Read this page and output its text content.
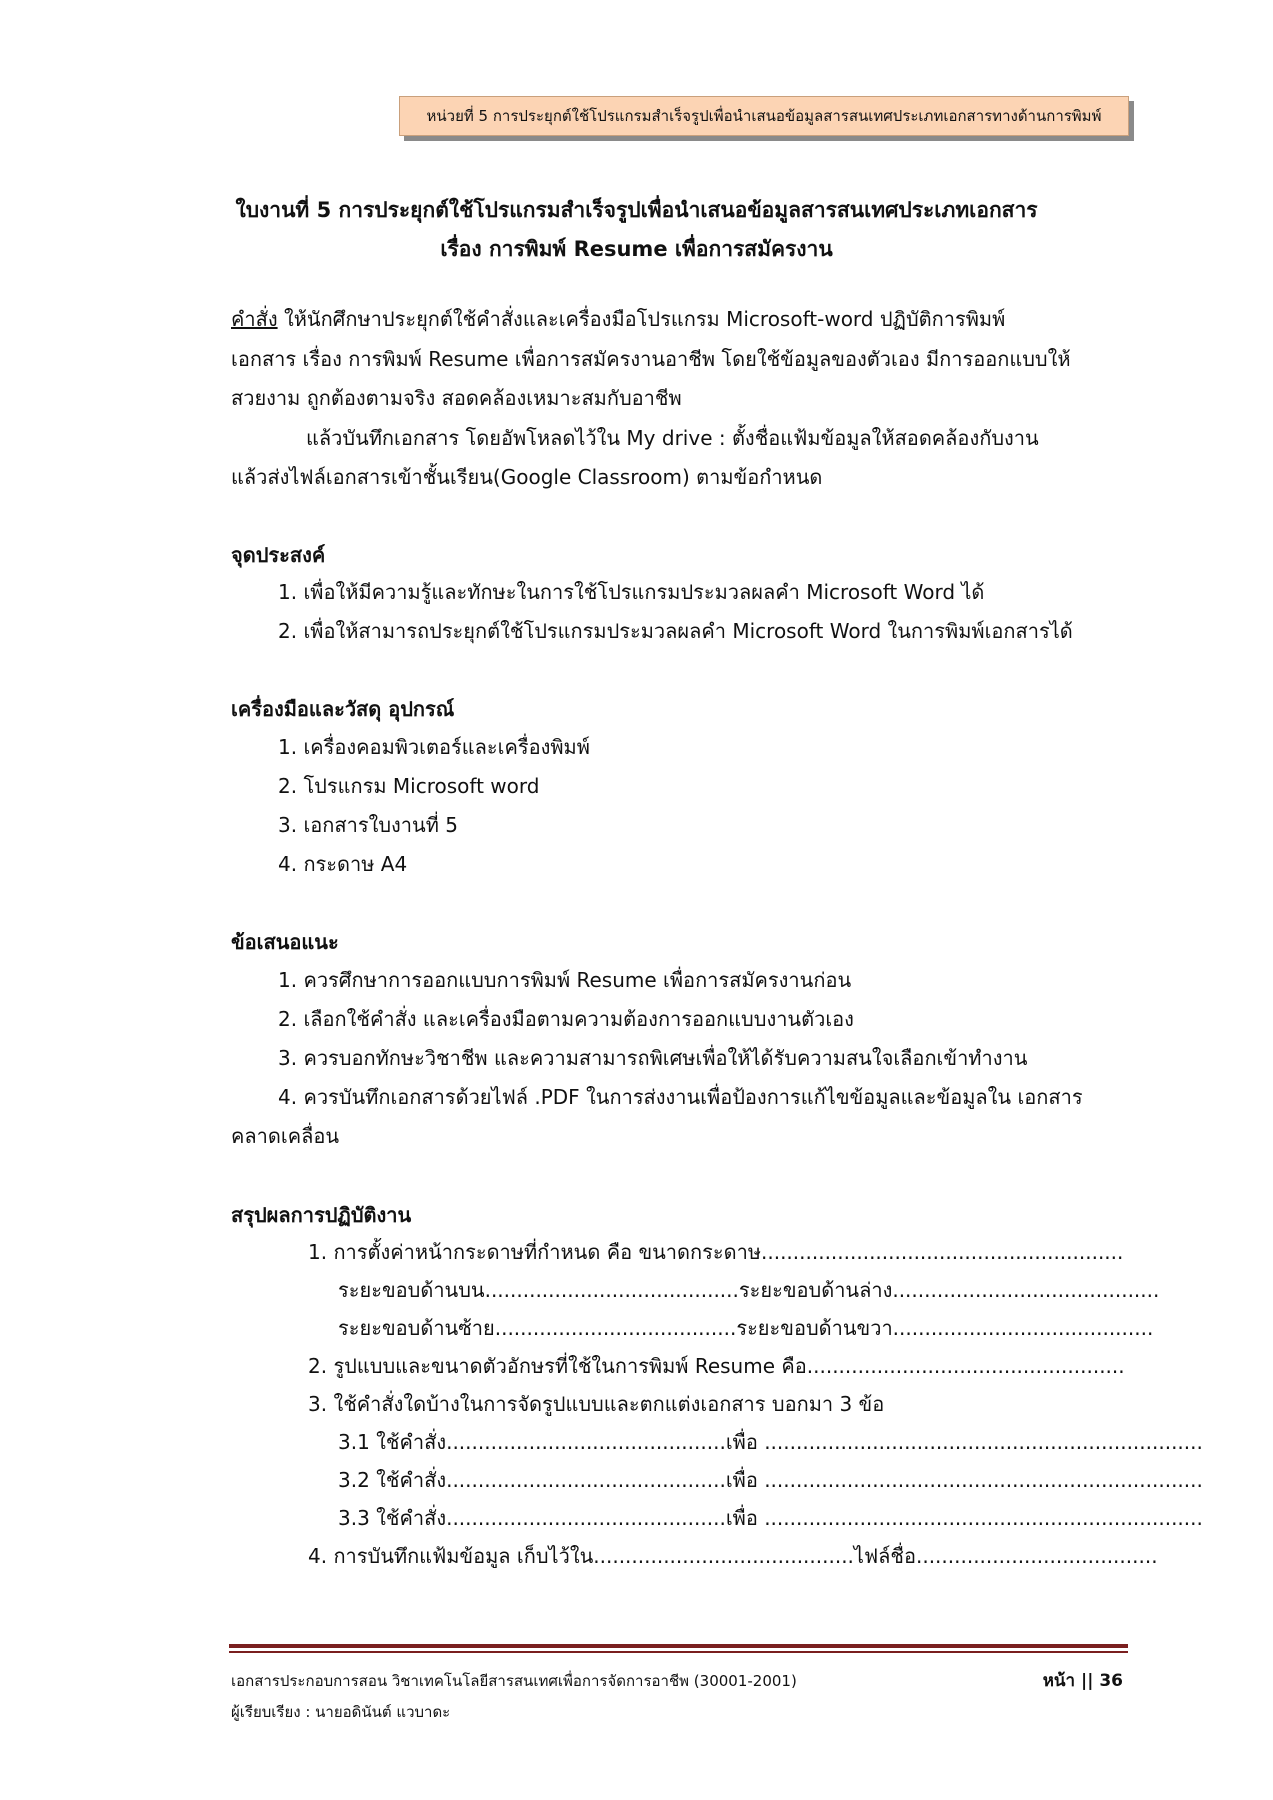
หน่วยที่ 5 การประยุกต์ใช้โปรแกรมสำเร็จรูปเพื่อนำเสนอข้อมูลสารสนเทศประเภทเอกสารทางด้านการพิมพ์
ใบงานที่ 5 การประยุกต์ใช้โปรแกรมสำเร็จรูปเพื่อนำเสนอข้อมูลสารสนเทศประเภทเอกสาร
เรื่อง การพิมพ์ Resume เพื่อการสมัครงาน
คำสั่ง ให้นักศึกษาประยุกต์ใช้คำสั่งและเครื่องมือโปรแกรม Microsoft-word ปฏิบัติการพิมพ์
เอกสาร เรื่อง การพิมพ์ Resume เพื่อการสมัครงานอาชีพ โดยใช้ข้อมูลของตัวเอง มีการออกแบบให้
สวยงาม ถูกต้องตามจริง สอดคล้องเหมาะสมกับอาชีพ
แล้วบันทึกเอกสาร โดยอัพโหลดไว้ใน My drive : ตั้งชื่อแฟ้มข้อมูลให้สอดคล้องกับงาน
แล้วส่งไฟล์เอกสารเข้าชั้นเรียน(Google Classroom) ตามข้อกำหนด
จุดประสงค์
1. เพื่อให้มีความรู้และทักษะในการใช้โปรแกรมประมวลผลคำ Microsoft Word ได้
2. เพื่อให้สามารถประยุกต์ใช้โปรแกรมประมวลผลคำ Microsoft Word ในการพิมพ์เอกสารได้
เครื่องมือและวัสดุ อุปกรณ์
1. เครื่องคอมพิวเตอร์และเครื่องพิมพ์
2. โปรแกรม Microsoft word
3. เอกสารใบงานที่ 5
4. กระดาษ A4
ข้อเสนอแนะ
1. ควรศึกษาการออกแบบการพิมพ์ Resume เพื่อการสมัครงานก่อน
2. เลือกใช้คำสั่ง และเครื่องมือตามความต้องการออกแบบงานตัวเอง
3. ควรบอกทักษะวิชาชีพ และความสามารถพิเศษเพื่อให้ได้รับความสนใจเลือกเข้าทำงาน
4. ควรบันทึกเอกสารด้วยไฟล์ .PDF ในการส่งงานเพื่อป้องการแก้ไขข้อมูลและข้อมูลใน เอกสาร
คลาดเคลื่อน
สรุปผลการปฏิบัติงาน
1. การตั้งค่าหน้ากระดาษที่กำหนด คือ ขนาดกระดาษ.........................................................
ระยะขอบด้านบน........................................ระยะขอบด้านล่าง..........................................
ระยะขอบด้านซ้าย......................................ระยะขอบด้านขวา.........................................
2. รูปแบบและขนาดตัวอักษรที่ใช้ในการพิมพ์ Resume คือ..................................................
3. ใช้คำสั่งใดบ้างในการจัดรูปแบบและตกแต่งเอกสาร บอกมา 3 ข้อ
3.1 ใช้คำสั่ง............................................เพื่อ .....................................................................
3.2 ใช้คำสั่ง............................................เพื่อ .....................................................................
3.3 ใช้คำสั่ง............................................เพื่อ .....................................................................
4. การบันทึกแฟ้มข้อมูล เก็บไว้ใน.........................................ไฟล์ชื่อ......................................
เอกสารประกอบการสอน วิชาเทคโนโลยีสารสนเทศเพื่อการจัดการอาชีพ (30001-2001)
ผู้เรียบเรียง : นายอดินันต์ แวบาดะ
หน้า || 36
